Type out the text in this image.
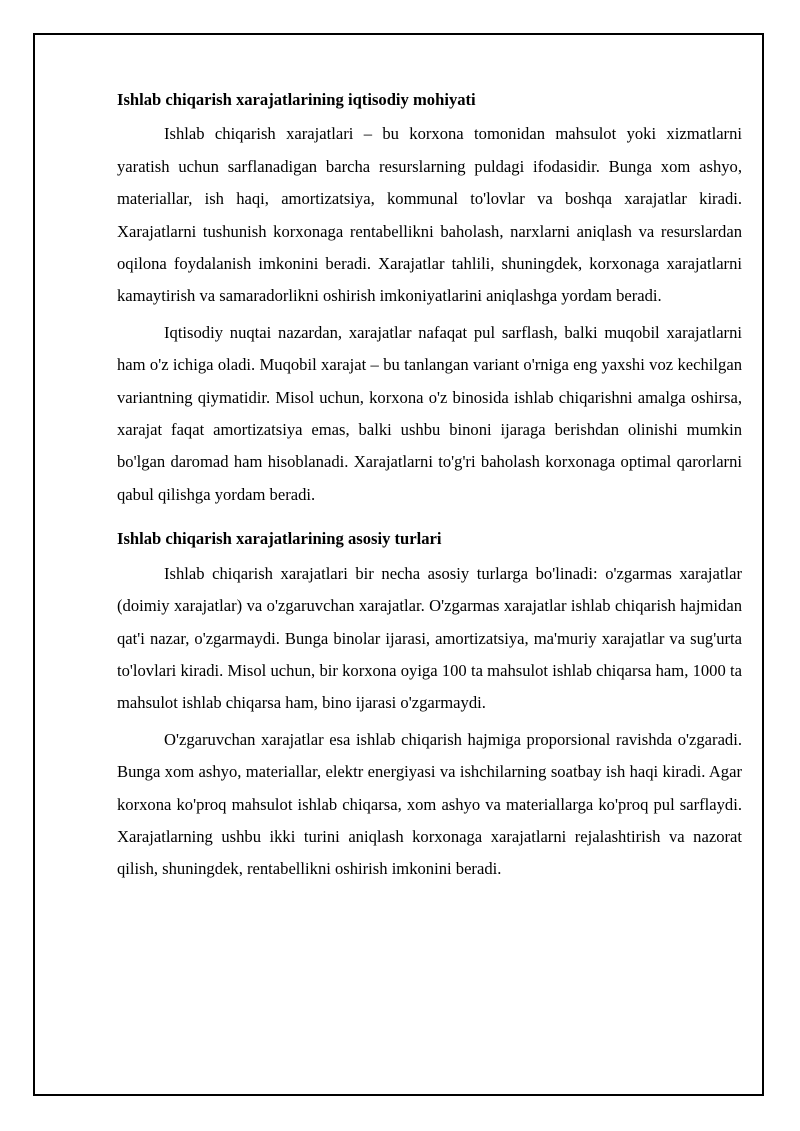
Ishlab chiqarish xarajatlarining iqtisodiy mohiyati

Ishlab chiqarish xarajatlari – bu korxona tomonidan mahsulot yoki xizmatlarni yaratish uchun sarflanadigan barcha resurslarning puldagi ifodasidir. Bunga xom ashyo, materiallar, ish haqi, amortizatsiya, kommunal to'lovlar va boshqa xarajatlar kiradi. Xarajatlarni tushunish korxonaga rentabellikni baholash, narxlarni aniqlash va resurslardan oqilona foydalanish imkonini beradi. Xarajatlar tahlili, shuningdek, korxonaga xarajatlarni kamaytirish va samaradorlikni oshirish imkoniyatlarini aniqlashga yordam beradi.

Iqtisodiy nuqtai nazardan, xarajatlar nafaqat pul sarflash, balki muqobil xarajatlarni ham o'z ichiga oladi. Muqobil xarajat – bu tanlangan variant o'rniga eng yaxshi voz kechilgan variantning qiymatidir. Misol uchun, korxona o'z binosida ishlab chiqarishni amalga oshirsa, xarajat faqat amortizatsiya emas, balki ushbu binoni ijaraga berishdan olinishi mumkin bo'lgan daromad ham hisoblanadi. Xarajatlarni to'g'ri baholash korxonaga optimal qarorlarni qabul qilishga yordam beradi.

Ishlab chiqarish xarajatlarining asosiy turlari

Ishlab chiqarish xarajatlari bir necha asosiy turlarga bo'linadi: o'zgarmas xarajatlar (doimiy xarajatlar) va o'zgaruvchan xarajatlar. O'zgarmas xarajatlar ishlab chiqarish hajmidan qat'i nazar, o'zgarmaydi. Bunga binolar ijarasi, amortizatsiya, ma'muriy xarajatlar va sug'urta to'lovlari kiradi. Misol uchun, bir korxona oyiga 100 ta mahsulot ishlab chiqarsa ham, 1000 ta mahsulot ishlab chiqarsa ham, bino ijarasi o'zgarmaydi.

O'zgaruvchan xarajatlar esa ishlab chiqarish hajmiga proporsional ravishda o'zgaradi. Bunga xom ashyo, materiallar, elektr energiyasi va ishchilarning soatbay ish haqi kiradi. Agar korxona ko'proq mahsulot ishlab chiqarsa, xom ashyo va materiallarga ko'proq pul sarflaydi. Xarajatlarning ushbu ikki turini aniqlash korxonaga xarajatlarni rejalashtirish va nazorat qilish, shuningdek, rentabellikni oshirish imkonini beradi.
